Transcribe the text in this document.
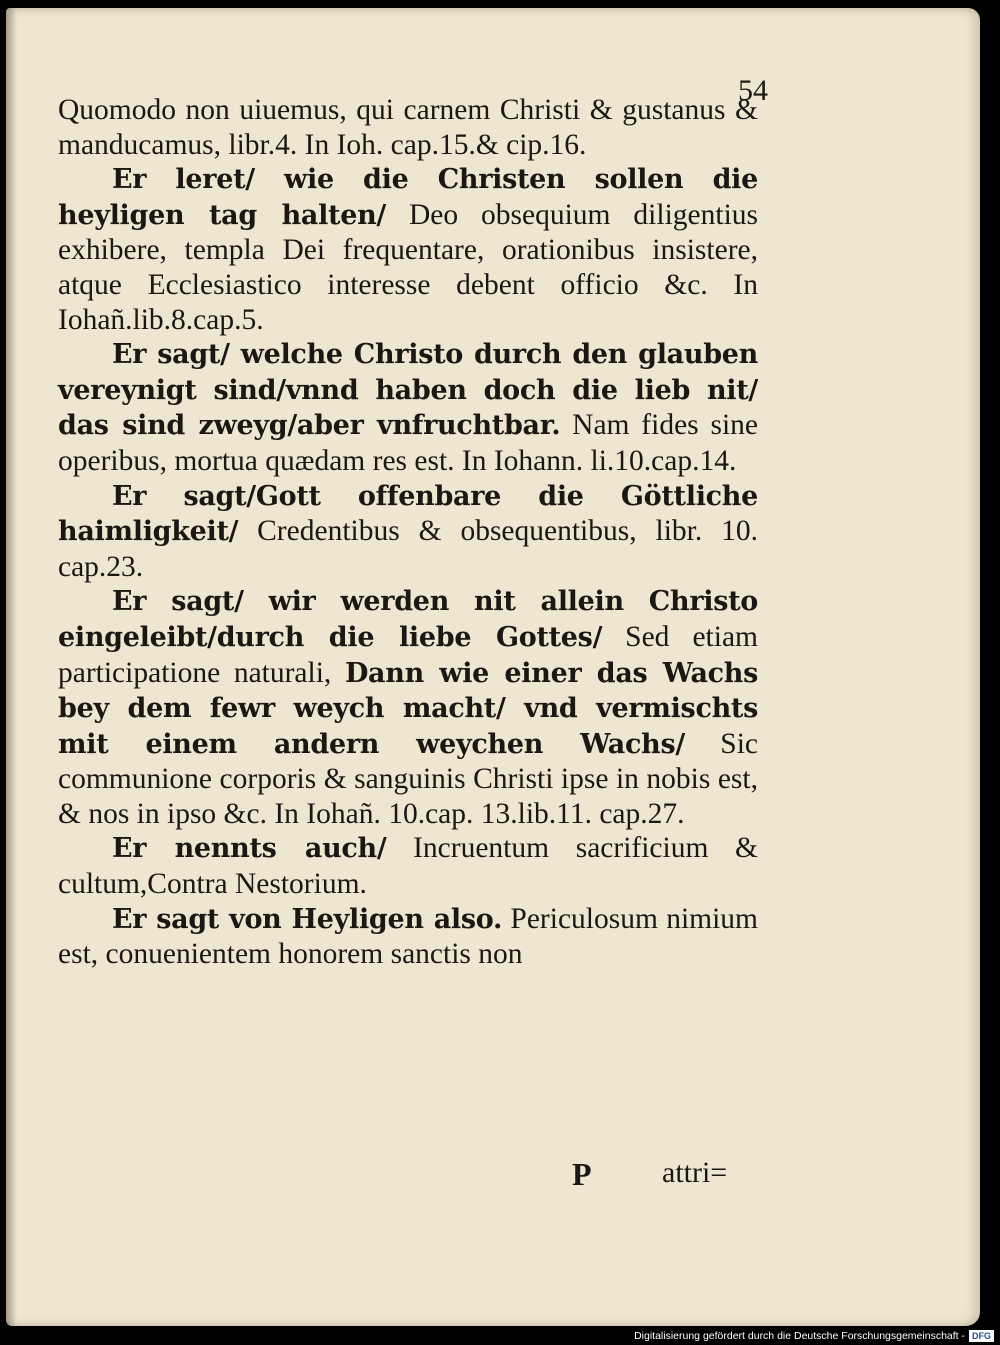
54

Quomodo non uiuemus, qui carnem Christi & gustanus & manducamus, libr.4. In Ioh. cap.15.& cip.16.

Er leret/ wie die Christen sollen die heyligen tag halten/ Deo obsequium diligentius exhibere, templa Dei frequentare, orationibus insistere, atque Ecclesiastico interesse debent officio &c. In Iohañ.lib.8.cap.5.

Er sagt/ welche Christo durch den glauben vereynigt sind/vnnd haben doch die lieb nit/ das sind zweyg/aber vnfruchtbar. Nam fides sine operibus, mortua quædam res est. In Iohann. li.10.cap.14.

Er sagt/Gott offenbare die Göttliche haimligkeit/ Credentibus & obsequentibus, libr. 10. cap.23.

Er sagt/ wir werden nit allein Christo eingeleibt/durch die liebe Gottes/ Sed etiam participatione naturali, Dann wie einer das Wachs bey dem fewr weych macht/ vnd vermischts mit einem andern weychen Wachs/ Sic communione corporis & sanguinis Christi ipse in nobis est, & nos in ipso &c. In Iohañ. 10.cap. 13.lib.11. cap.27.

Er nennts auch/ Incruentum sacrificium & cultum,Contra Nestorium.

Er sagt von Heyligen also. Periculosum nimium est, conuenientem honorem sanctis non

P attri=
Digitalisierung gefördert durch die Deutsche Forschungsgemeinschaft - DFG
